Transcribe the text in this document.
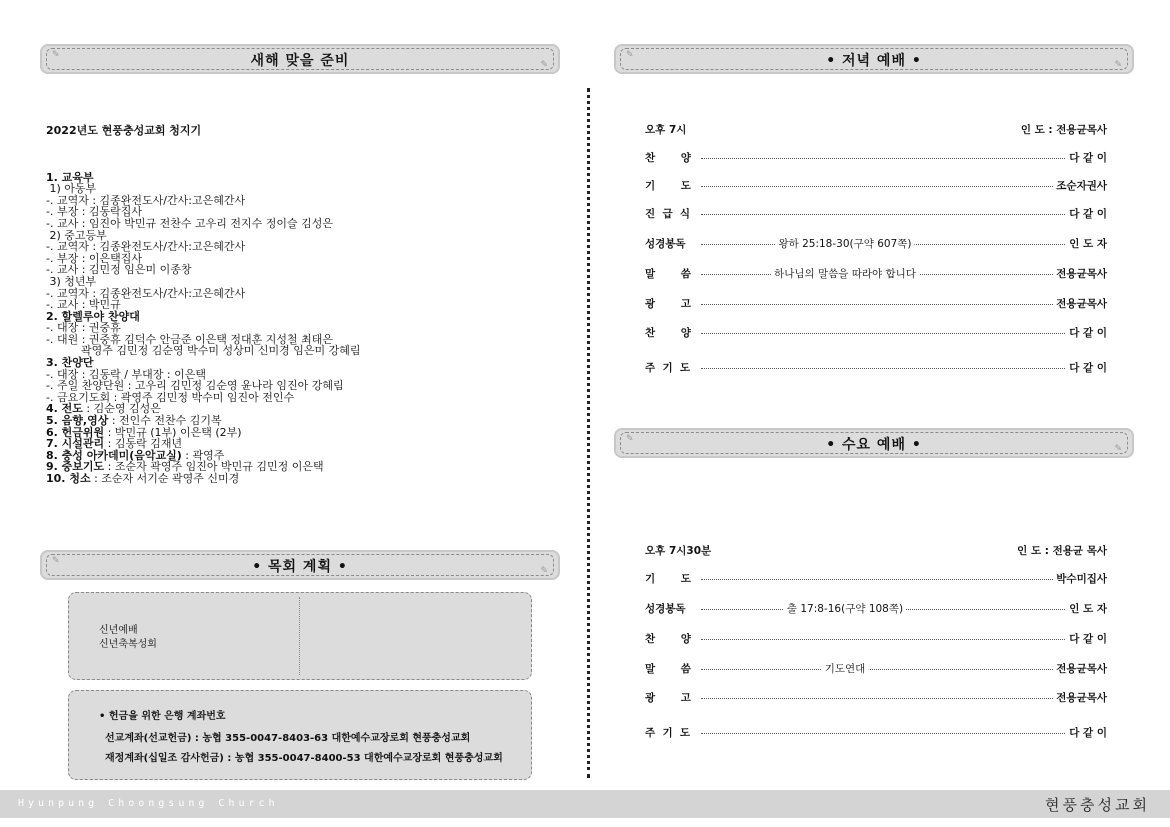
✎
✎
새해 맞을 준비

2022년도 현풍충성교회 청지기

1. 교육부
1) 아동부
-. 교역자 : 김종완전도사/간사:고은혜간사
-. 부장 : 김동락집사
-. 교사 : 임진아 박민규 전찬수 고우리 전지수 정이슬 김성은
2) 중고등부
-. 교역자 : 김종완전도사/간사:고은혜간사
-. 부장 : 이은택집사
-. 교사 : 김민정 임은미 이종창
3) 청년부
-. 교역자 : 김종완전도사/간사:고은혜간사
-. 교사 : 박민규
2. 할렐루야 찬양대
-. 대장 : 권중휴
-. 대원 : 권중휴 김덕수 안금준 이은택 정대훈 지성철 최태은
곽영주 김민정 김순영 박수미 성상미 신미경 임은미 강혜림
3. 찬양단
-. 대장 : 김동락 / 부대장 : 이은택
-. 주일 찬양단원 : 고우리 김민정 김순영 윤나라 임진아 강혜림
-. 금요기도회 : 곽영주 김민정 박수미 임진아 전인수
4. 전도 : 김순영 김성은
5. 음향,영상 : 전인수 전찬수 김기복
6. 헌금위원 : 박민규 (1부) 이은택 (2부)
7. 시설관리 : 김동락 김재년
8. 충성 아카데미(음악교실) : 곽영주
9. 중보기도 : 조순자 곽영주 임진아 박민규 김민정 이은택
10. 청소 : 조순자 서기순 곽영주 신미경

✎
✎
• 목회 계획 •
신년예배
신년축복성회
• 헌금을 위한 은행 계좌번호
선교계좌(선교헌금) : 농협 355-0047-8403-63 대한예수교장로회 현풍충성교회
재정계좌(십일조 감사헌금) : 농협 355-0047-8400-53 대한예수교장로회 현풍충성교회
✎
✎
• 저녁 예배 •
오후 7시	인 도 : 전용균목사
찬       양	다 같 이
기       도	조순자권사
진  급  식	다 같 이
성경봉독	왕하 25:18-30(구약 607쪽)	인 도 자
말       씀	하나님의 말씀을 따라야 합니다	전용균목사
광       고	전용균목사
찬       양	다 같 이
주  기  도	다 같 이
✎
✎
• 수요 예배 •
오후 7시30분	인 도 : 전용균 목사
기       도	박수미집사
성경봉독	출 17:8-16(구약 108쪽)	인 도 자
찬       양	다 같 이
말       씀	기도연대	전용균목사
광       고	전용균목사
주  기  도	다 같 이
Hyunpung Choongsung Church	현풍충성교회
